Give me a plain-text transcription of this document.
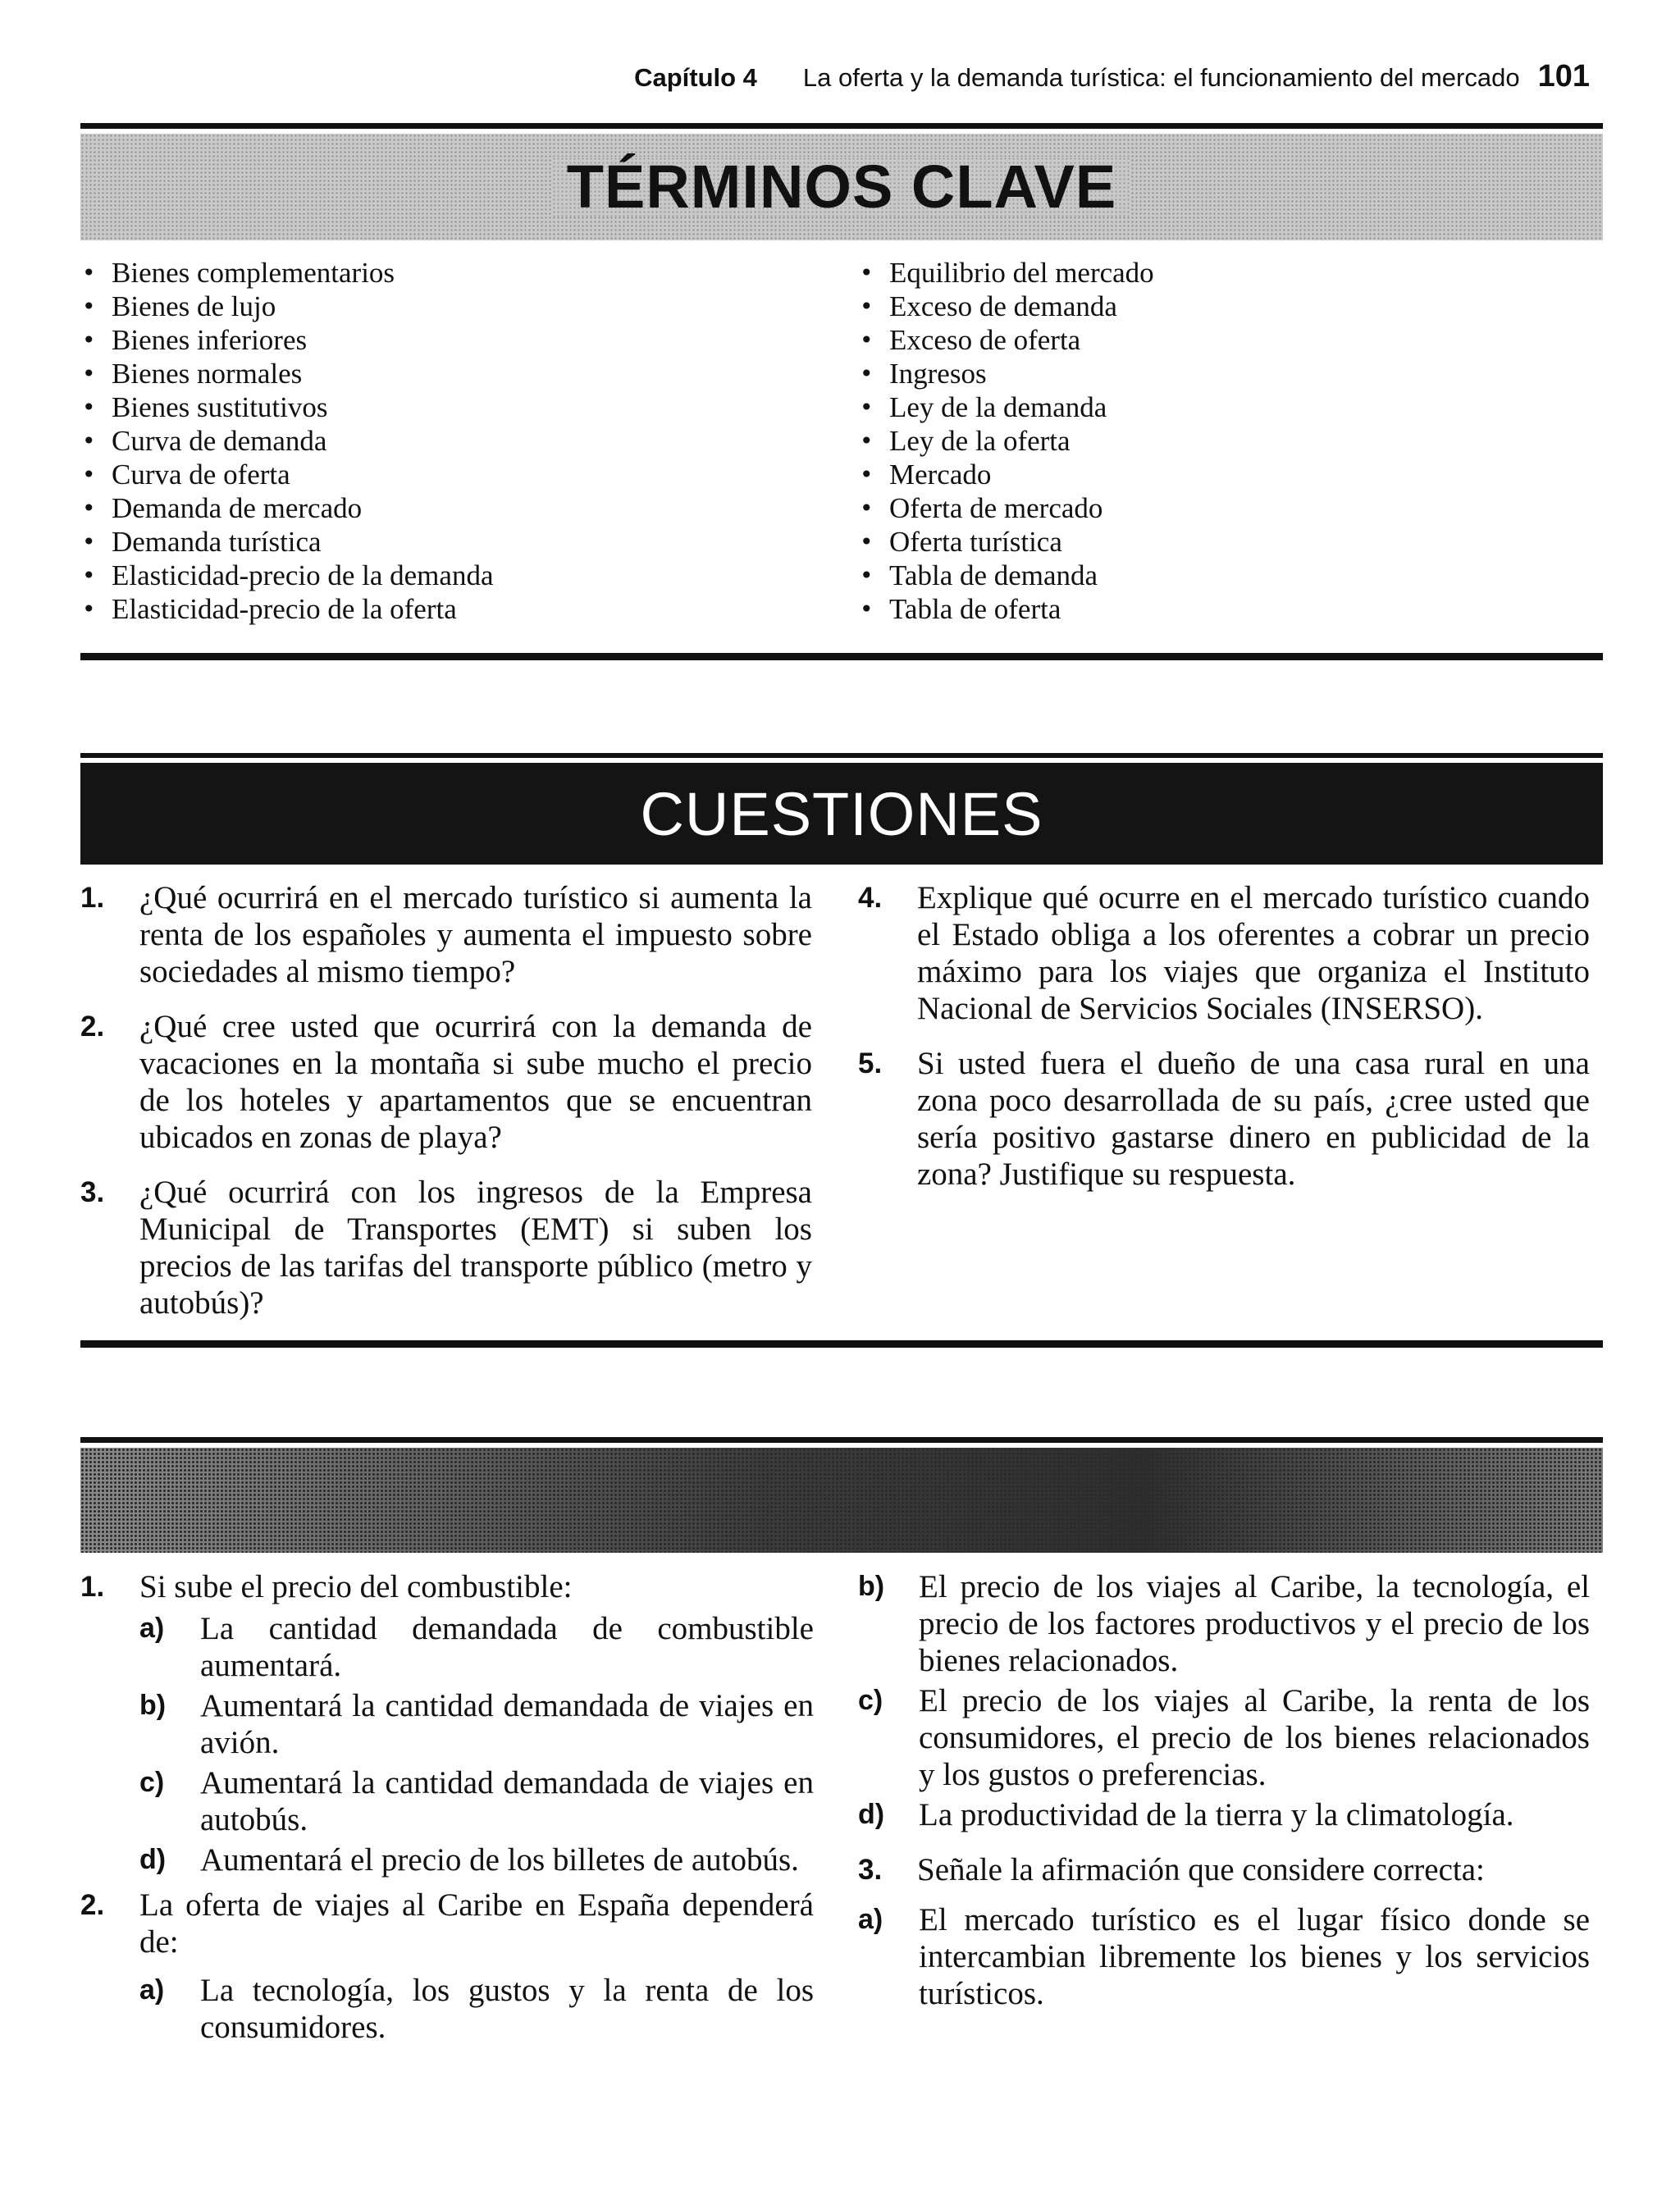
Capítulo 4 La oferta y la demanda turística: el funcionamiento del mercado 101
TÉRMINOS CLAVE
• Bienes complementarios
• Bienes de lujo
• Bienes inferiores
• Bienes normales
• Bienes sustitutivos
• Curva de demanda
• Curva de oferta
• Demanda de mercado
• Demanda turística
• Elasticidad-precio de la demanda
• Elasticidad-precio de la oferta
• Equilibrio del mercado
• Exceso de demanda
• Exceso de oferta
• Ingresos
• Ley de la demanda
• Ley de la oferta
• Mercado
• Oferta de mercado
• Oferta turística
• Tabla de demanda
• Tabla de oferta
CUESTIONES
1. ¿Qué ocurrirá en el mercado turístico si aumenta la renta de los españoles y aumenta el impuesto sobre sociedades al mismo tiempo?
2. ¿Qué cree usted que ocurrirá con la demanda de vacaciones en la montaña si sube mucho el precio de los hoteles y apartamentos que se encuentran ubicados en zonas de playa?
3. ¿Qué ocurrirá con los ingresos de la Empresa Municipal de Transportes (EMT) si suben los precios de las tarifas del transporte público (metro y autobús)?
4. Explique qué ocurre en el mercado turístico cuando el Estado obliga a los oferentes a cobrar un precio máximo para los viajes que organiza el Instituto Nacional de Servicios Sociales (INSERSO).
5. Si usted fuera el dueño de una casa rural en una zona poco desarrollada de su país, ¿cree usted que sería positivo gastarse dinero en publicidad de la zona? Justifique su respuesta.
1. Si sube el precio del combustible:
a) La cantidad demandada de combustible aumentará.
b) Aumentará la cantidad demandada de viajes en avión.
c) Aumentará la cantidad demandada de viajes en autobús.
d) Aumentará el precio de los billetes de autobús.
2. La oferta de viajes al Caribe en España dependerá de:
a) La tecnología, los gustos y la renta de los consumidores.
b) El precio de los viajes al Caribe, la tecnología, el precio de los factores productivos y el precio de los bienes relacionados.
c) El precio de los viajes al Caribe, la renta de los consumidores, el precio de los bienes relacionados y los gustos o preferencias.
d) La productividad de la tierra y la climatología.
3. Señale la afirmación que considere correcta:
a) El mercado turístico es el lugar físico donde se intercambian libremente los bienes y los servicios turísticos.
